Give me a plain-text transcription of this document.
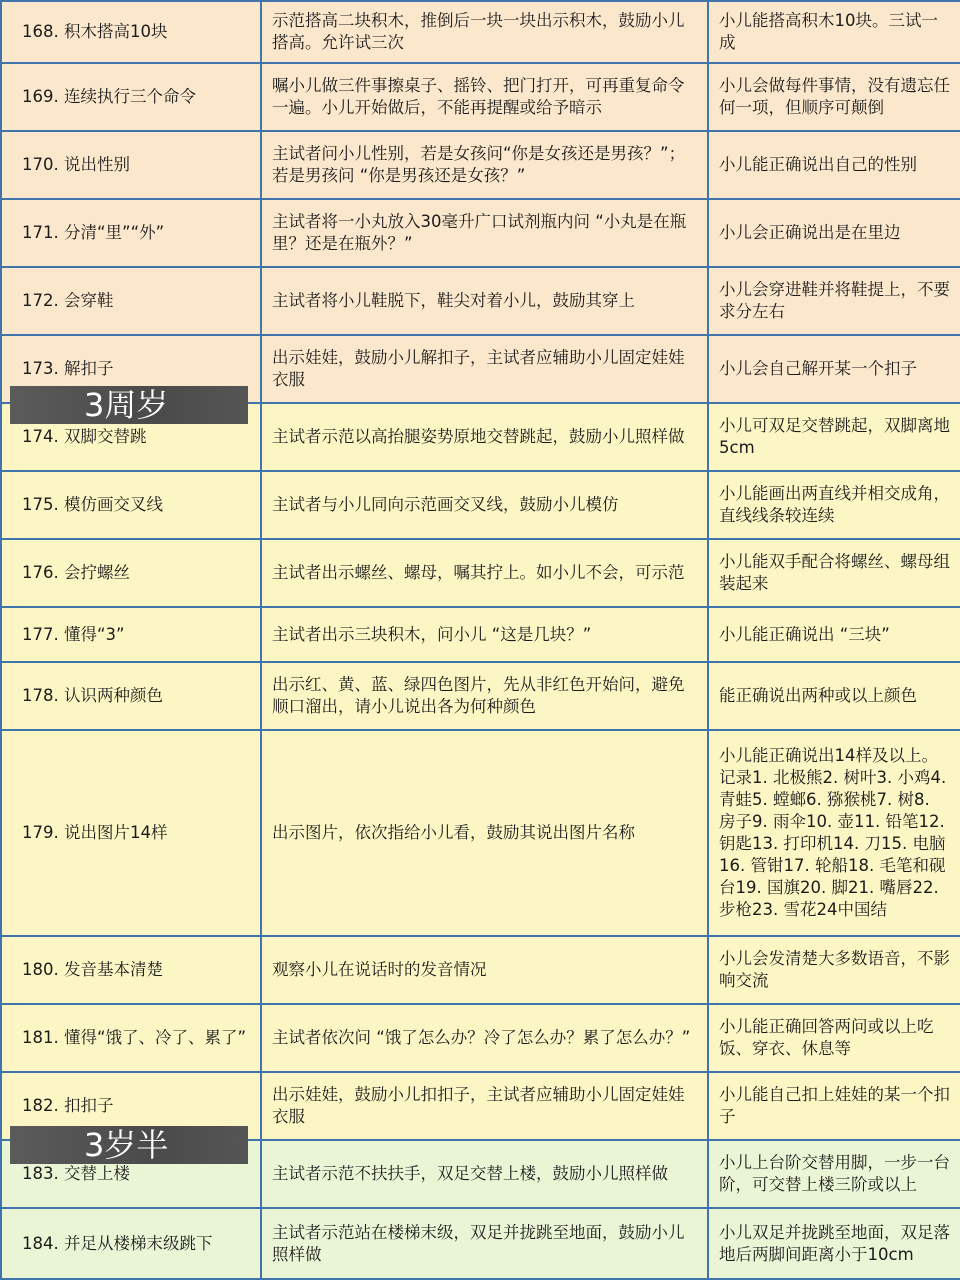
168. 积木搭高10块	示范搭高二块积木，推倒后一块一块出示积木，鼓励小儿搭高。允许试三次	小儿能搭高积木10块。三试一成
169. 连续执行三个命令	嘱小儿做三件事擦桌子、摇铃、把门打开，可再重复命令一遍。小儿开始做后，不能再提醒或给予暗示	小儿会做每件事情，没有遗忘任何一项，但顺序可颠倒
170. 说出性别	主试者问小儿性别，若是女孩问“你是女孩还是男孩？”；若是男孩问 “你是男孩还是女孩？”	小儿能正确说出自己的性别
171. 分清“里”“外”	主试者将一小丸放入30毫升广口试剂瓶内问 “小丸是在瓶里？还是在瓶外？”	小儿会正确说出是在里边
172. 会穿鞋	主试者将小儿鞋脱下，鞋尖对着小儿，鼓励其穿上	小儿会穿进鞋并将鞋提上，不要求分左右
173. 解扣子	出示娃娃，鼓励小儿解扣子，主试者应辅助小儿固定娃娃衣服	小儿会自己解开某一个扣子
174. 双脚交替跳	主试者示范以高抬腿姿势原地交替跳起，鼓励小儿照样做	小儿可双足交替跳起，双脚离地5cm
175. 模仿画交叉线	主试者与小儿同向示范画交叉线，鼓励小儿模仿	小儿能画出两直线并相交成角，直线线条较连续
176. 会拧螺丝	主试者出示螺丝、螺母，嘱其拧上。如小儿不会，可示范	小儿能双手配合将螺丝、螺母组装起来
177. 懂得“3”	主试者出示三块积木，问小儿 “这是几块？”	小儿能正确说出 “三块”
178. 认识两种颜色	出示红、黄、蓝、绿四色图片，先从非红色开始问，避免顺口溜出，请小儿说出各为何种颜色	能正确说出两种或以上颜色
179. 说出图片14样	出示图片，依次指给小儿看，鼓励其说出图片名称	小儿能正确说出14样及以上。记录1. 北极熊2. 树叶3. 小鸡4. 青蛙5. 螳螂6. 猕猴桃7. 树8. 房子9. 雨伞10. 壶11. 铅笔12. 钥匙13. 打印机14. 刀15. 电脑16. 管钳17. 轮船18. 毛笔和砚台19. 国旗20. 脚21. 嘴唇22. 步枪23. 雪花24中国结
180. 发音基本清楚	观察小儿在说话时的发音情况	小儿会发清楚大多数语音，不影响交流
181. 懂得“饿了、冷了、累了”	主试者依次问 “饿了怎么办？冷了怎么办？累了怎么办？”	小儿能正确回答两问或以上吃饭、穿衣、休息等
182. 扣扣子	出示娃娃，鼓励小儿扣扣子，主试者应辅助小儿固定娃娃衣服	小儿能自己扣上娃娃的某一个扣子
183. 交替上楼	主试者示范不扶扶手，双足交替上楼，鼓励小儿照样做	小儿上台阶交替用脚，一步一台阶，可交替上楼三阶或以上
184. 并足从楼梯末级跳下	主试者示范站在楼梯末级，双足并拢跳至地面，鼓励小儿照样做	小儿双足并拢跳至地面，双足落地后两脚间距离小于10cm
3周岁
3岁半
